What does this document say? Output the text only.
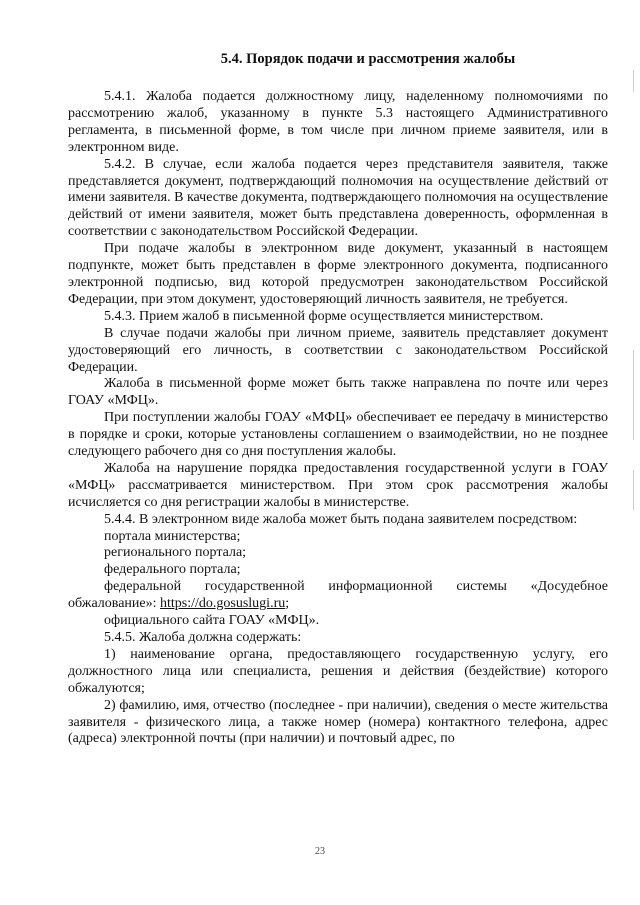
5.4. Порядок подачи и рассмотрения жалобы

5.4.1. Жалоба подается должностному лицу, наделенному полномочиями по рассмотрению жалоб, указанному в пункте 5.3 настоящего Административного регламента, в письменной форме, в том числе при личном приеме заявителя, или в электронном виде.

5.4.2. В случае, если жалоба подается через представителя заявителя, также представляется документ, подтверждающий полномочия на осуществление действий от имени заявителя. В качестве документа, подтверждающего полномочия на осуществление действий от имени заявителя, может быть представлена доверенность, оформленная в соответствии с законодательством Российской Федерации.

При подаче жалобы в электронном виде документ, указанный в настоящем подпункте, может быть представлен в форме электронного документа, подписанного электронной подписью, вид которой предусмотрен законодательством Российской Федерации, при этом документ, удостоверяющий личность заявителя, не требуется.

5.4.3. Прием жалоб в письменной форме осуществляется министерством.

В случае подачи жалобы при личном приеме, заявитель представляет документ удостоверяющий его личность, в соответствии с законодательством Российской Федерации.

Жалоба в письменной форме может быть также направлена по почте или через ГОАУ «МФЦ».

При поступлении жалобы ГОАУ «МФЦ» обеспечивает ее передачу в министерство в порядке и сроки, которые установлены соглашением о взаимодействии, но не позднее следующего рабочего дня со дня поступления жалобы.

Жалоба на нарушение порядка предоставления государственной услуги в ГОАУ «МФЦ» рассматривается министерством. При этом срок рассмотрения жалобы исчисляется со дня регистрации жалобы в министерстве.

5.4.4. В электронном виде жалоба может быть подана заявителем посредством:

портала министерства;

регионального портала;

федерального портала;

федеральной государственной информационной системы «Досудебное обжалование»: https://do.gosuslugi.ru;

официального сайта ГОАУ «МФЦ».

5.4.5. Жалоба должна содержать:

1) наименование органа, предоставляющего государственную услугу, его должностного лица или специалиста, решения и действия (бездействие) которого обжалуются;

2) фамилию, имя, отчество (последнее - при наличии), сведения о месте жительства заявителя - физического лица, а также номер (номера) контактного телефона, адрес (адреса) электронной почты (при наличии) и почтовый адрес, по

23
